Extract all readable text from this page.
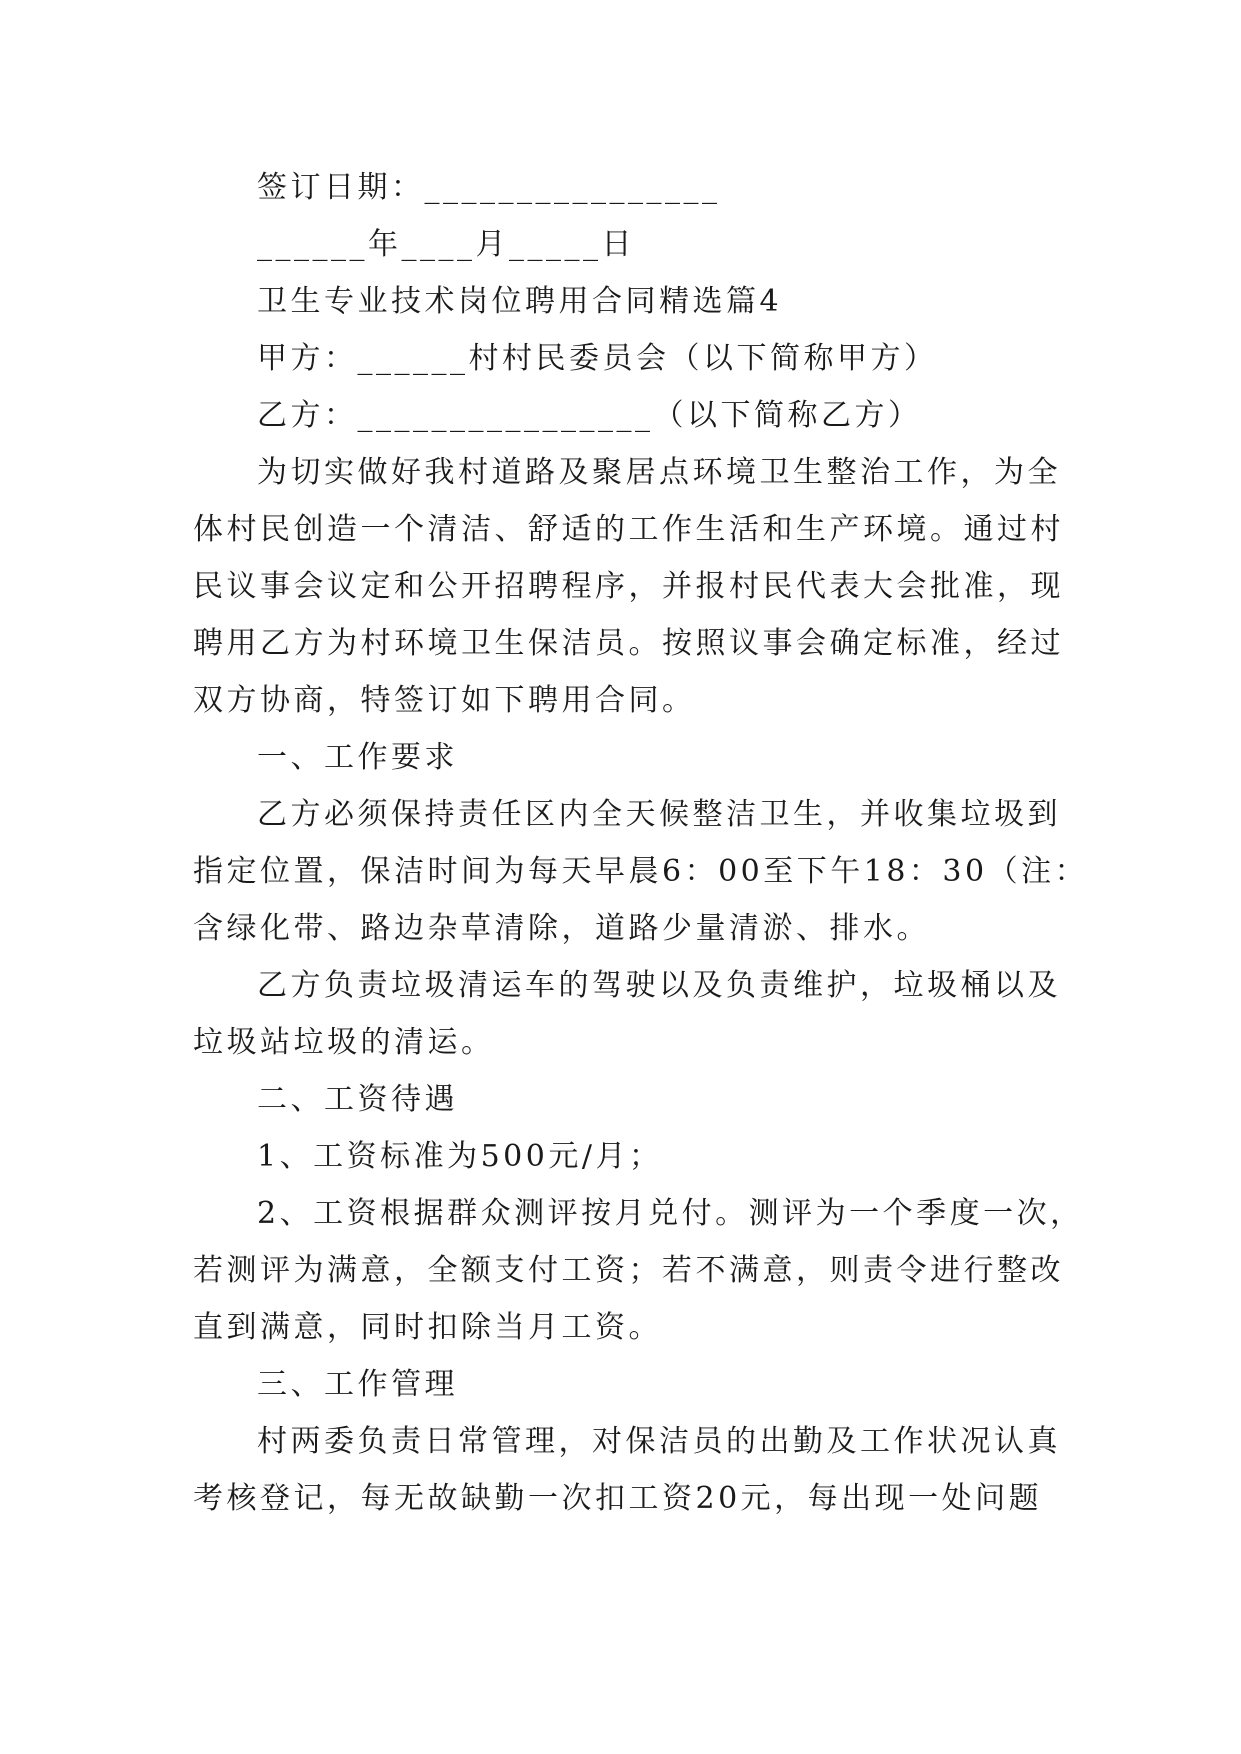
签订日期：________________
______年____月_____日
卫生专业技术岗位聘用合同精选篇4
甲方：______村村民委员会（以下简称甲方）
乙方：________________（以下简称乙方）
为切实做好我村道路及聚居点环境卫生整治工作，为全
体村民创造一个清洁、舒适的工作生活和生产环境。通过村
民议事会议定和公开招聘程序，并报村民代表大会批准，现
聘用乙方为村环境卫生保洁员。按照议事会确定标准，经过
双方协商，特签订如下聘用合同。
一、工作要求
乙方必须保持责任区内全天候整洁卫生，并收集垃圾到
指定位置，保洁时间为每天早晨6：00至下午18：30（注：
含绿化带、路边杂草清除，道路少量清淤、排水。
乙方负责垃圾清运车的驾驶以及负责维护，垃圾桶以及
垃圾站垃圾的清运。
二、工资待遇
1、工资标准为500元/月；
2、工资根据群众测评按月兑付。测评为一个季度一次，
若测评为满意，全额支付工资；若不满意，则责令进行整改
直到满意，同时扣除当月工资。
三、工作管理
村两委负责日常管理，对保洁员的出勤及工作状况认真
考核登记，每无故缺勤一次扣工资20元，每出现一处问题
